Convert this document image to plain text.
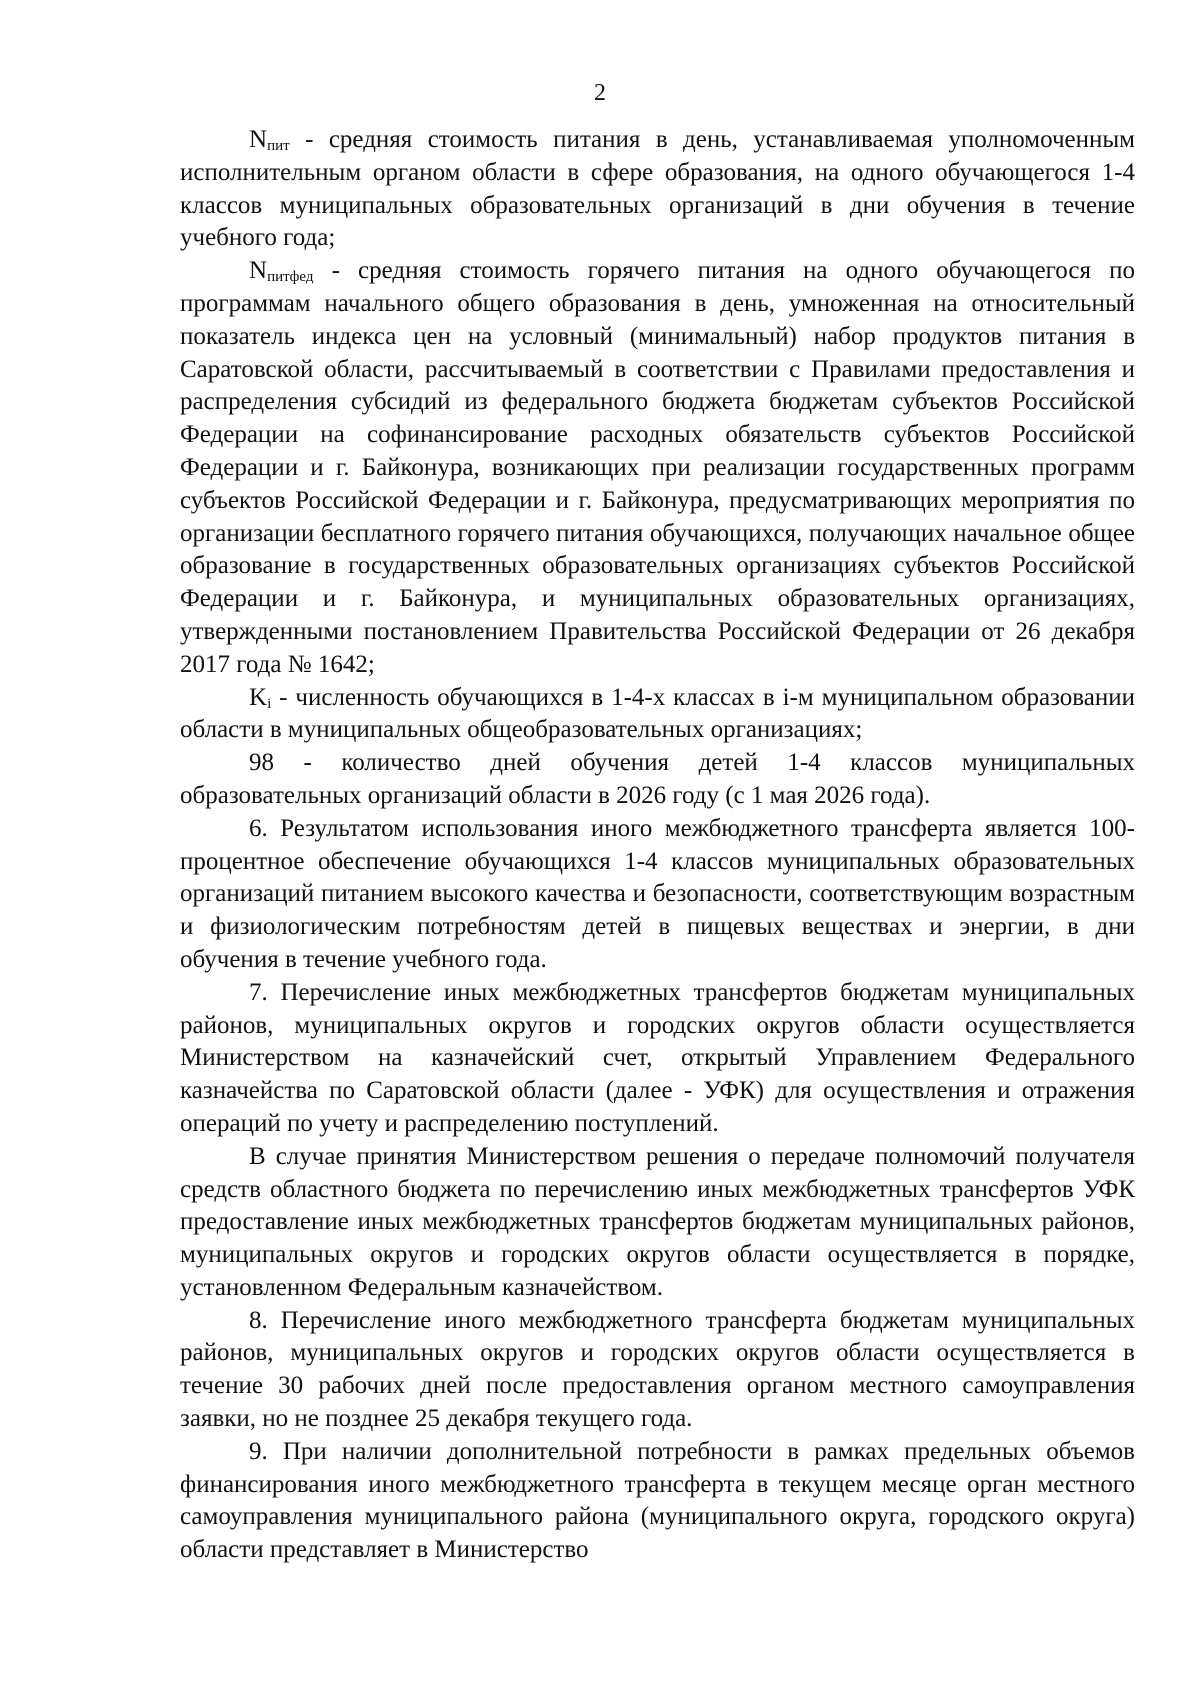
2

$N_{пит}$ - средняя стоимость питания в день, устанавливаемая уполномоченным исполнительным органом области в сфере образования, на одного обучающегося 1-4 классов муниципальных образовательных организаций в дни обучения в течение учебного года;

$N_{питфед}$ - средняя стоимость горячего питания на одного обучающегося по программам начального общего образования в день, умноженная на относительный показатель индекса цен на условный (минимальный) набор продуктов питания в Саратовской области, рассчитываемый в соответствии с Правилами предоставления и распределения субсидий из федерального бюджета бюджетам субъектов Российской Федерации на софинансирование расходных обязательств субъектов Российской Федерации и г. Байконура, возникающих при реализации государственных программ субъектов Российской Федерации и г. Байконура, предусматривающих мероприятия по организации бесплатного горячего питания обучающихся, получающих начальное общее образование в государственных образовательных организациях субъектов Российской Федерации и г. Байконура, и муниципальных образовательных организациях, утвержденными постановлением Правительства Российской Федерации от 26 декабря 2017 года № 1642;

$K_i$ - численность обучающихся в 1-4-х классах в i-м муниципальном образовании области в муниципальных общеобразовательных организациях;

98 - количество дней обучения детей 1-4 классов муниципальных образовательных организаций области в 2026 году (с 1 мая 2026 года).

6. Результатом использования иного межбюджетного трансферта является 100-процентное обеспечение обучающихся 1-4 классов муниципальных образовательных организаций питанием высокого качества и безопасности, соответствующим возрастным и физиологическим потребностям детей в пищевых веществах и энергии, в дни обучения в течение учебного года.

7. Перечисление иных межбюджетных трансфертов бюджетам муниципальных районов, муниципальных округов и городских округов области осуществляется Министерством на казначейский счет, открытый Управлением Федерального казначейства по Саратовской области (далее - УФК) для осуществления и отражения операций по учету и распределению поступлений.

В случае принятия Министерством решения о передаче полномочий получателя средств областного бюджета по перечислению иных межбюджетных трансфертов УФК предоставление иных межбюджетных трансфертов бюджетам муниципальных районов, муниципальных округов и городских округов области осуществляется в порядке, установленном Федеральным казначейством.

8. Перечисление иного межбюджетного трансферта бюджетам муниципальных районов, муниципальных округов и городских округов области осуществляется в течение 30 рабочих дней после предоставления органом местного самоуправления заявки, но не позднее 25 декабря текущего года.

9. При наличии дополнительной потребности в рамках предельных объемов финансирования иного межбюджетного трансферта в текущем месяце орган местного самоуправления муниципального района (муниципального округа, городского округа) области представляет в Министерство
